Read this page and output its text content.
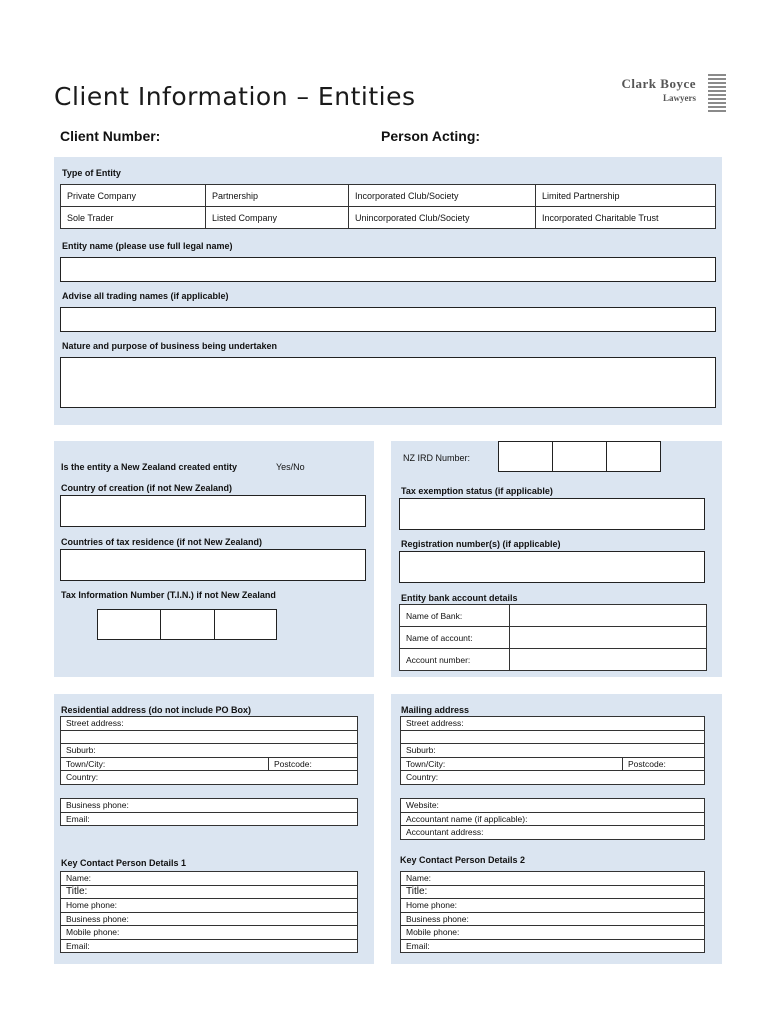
Client Information – Entities	Clark Boyce
Lawyers
Client Number:	Person Acting:
Type of Entity
Private Company	Partnership	Incorporated Club/Society	Limited Partnership
Sole Trader	Listed Company	Unincorporated Club/Society	Incorporated Charitable Trust
Entity name (please use full legal name)
Advise all trading names (if applicable)
Nature and purpose of business being undertaken
Is the entity a New Zealand created entity	Yes/No
Country of creation (if not New Zealand)
Countries of tax residence (if not New Zealand)
Tax Information Number (T.I.N.) if not New Zealand
NZ IRD Number:
Tax exemption status (if applicable)
Registration number(s) (if applicable)
Entity bank account details
Name of Bank:	
Name of account:	
Account number:	
Residential address (do not include PO Box)
Street address:

Suburb:
Town/City:	Postcode:
Country:
Business phone:
Email:
Key Contact Person Details 1
Name:
Title:
Home phone:
Business phone:
Mobile phone:
Email:
Mailing address
Street address:

Suburb:
Town/City:	Postcode:
Country:
Website:
Accountant name (if applicable):
Accountant address:
Key Contact Person Details 2
Name:
Title:
Home phone:
Business phone:
Mobile phone:
Email:
